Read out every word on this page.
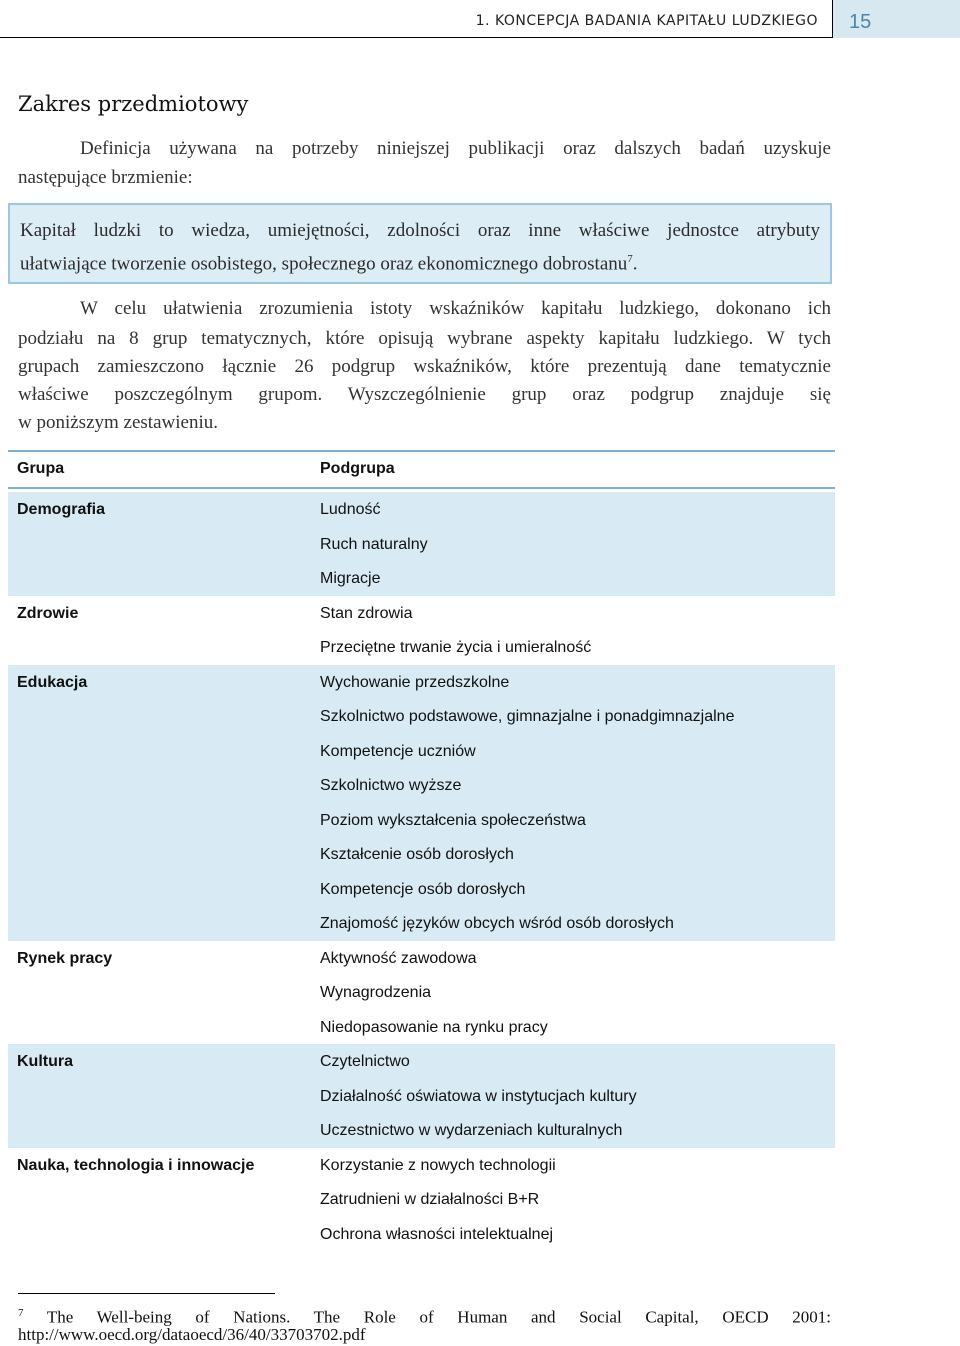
1. KONCEPCJA BADANIA KAPITAŁU LUDZKIEGO	15
Zakres przedmiotowy
Definicja używana na potrzeby niniejszej publikacji oraz dalszych badań uzyskuje
następujące brzmienie:
Kapitał ludzki to wiedza, umiejętności, zdolności oraz inne właściwe jednostce atrybuty
ułatwiające tworzenie osobistego, społecznego oraz ekonomicznego dobrostanu$^7$.
W celu ułatwienia zrozumienia istoty wskaźników kapitału ludzkiego, dokonano ich
podziału na 8 grup tematycznych, które opisują wybrane aspekty kapitału ludzkiego. W tych
grupach zamieszczono łącznie 26 podgrup wskaźników, które prezentują dane tematycznie
właściwe poszczególnym grupom. Wyszczególnienie grup oraz podgrup znajduje się
w poniższym zestawieniu.
Grupa	Podgrupa
Demografia	Ludność
Ruch naturalny
Migracje
Zdrowie	Stan zdrowia
Przeciętne trwanie życia i umieralność
Edukacja	Wychowanie przedszkolne
Szkolnictwo podstawowe, gimnazjalne i ponadgimnazjalne
Kompetencje uczniów
Szkolnictwo wyższe
Poziom wykształcenia społeczeństwa
Kształcenie osób dorosłych
Kompetencje osób dorosłych
Znajomość języków obcych wśród osób dorosłych
Rynek pracy	Aktywność zawodowa
Wynagrodzenia
Niedopasowanie na rynku pracy
Kultura	Czytelnictwo
Działalność oświatowa w instytucjach kultury
Uczestnictwo w wydarzeniach kulturalnych
Nauka, technologia i innowacje	Korzystanie z nowych technologii
Zatrudnieni w działalności B+R
Ochrona własności intelektualnej
$^7$ The Well-being of Nations. The Role of Human and Social Capital, OECD 2001:
http://www.oecd.org/dataoecd/36/40/33703702.pdf
